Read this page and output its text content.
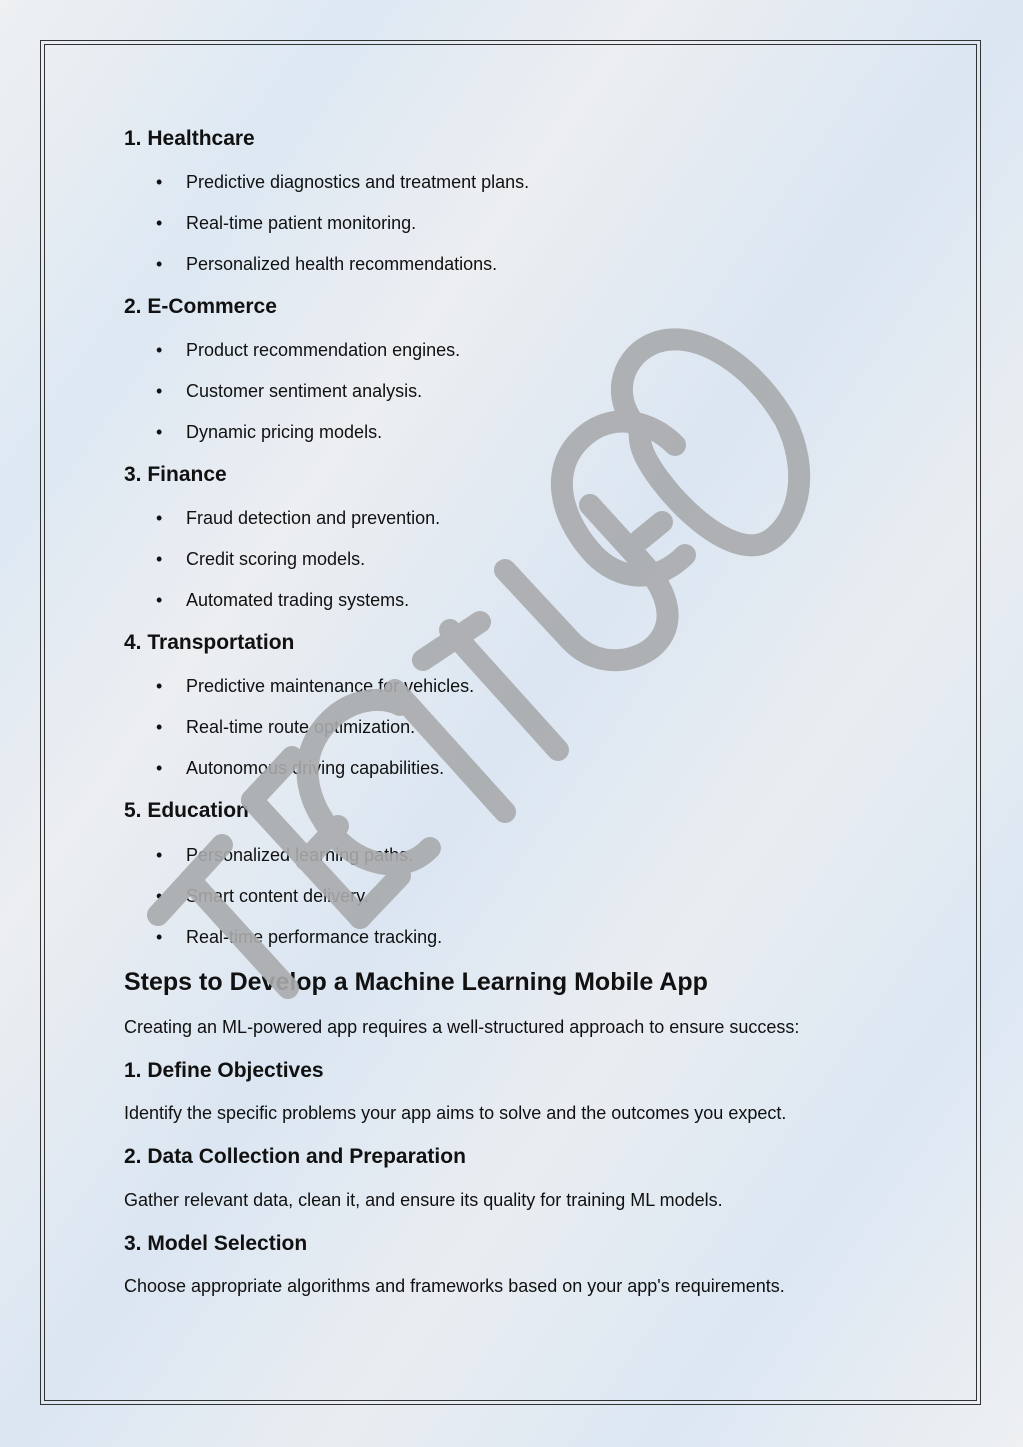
1. Healthcare
• Predictive diagnostics and treatment plans.
• Real-time patient monitoring.
• Personalized health recommendations.
2. E-Commerce
• Product recommendation engines.
• Customer sentiment analysis.
• Dynamic pricing models.
3. Finance
• Fraud detection and prevention.
• Credit scoring models.
• Automated trading systems.
4. Transportation
• Predictive maintenance for vehicles.
• Real-time route optimization.
• Autonomous driving capabilities.
5. Education
• Personalized learning paths.
• Smart content delivery.
• Real-time performance tracking.
Steps to Develop a Machine Learning Mobile App

Creating an ML-powered app requires a well-structured approach to ensure success:

1. Define Objectives

Identify the specific problems your app aims to solve and the outcomes you expect.

2. Data Collection and Preparation

Gather relevant data, clean it, and ensure its quality for training ML models.

3. Model Selection

Choose appropriate algorithms and frameworks based on your app's requirements.
